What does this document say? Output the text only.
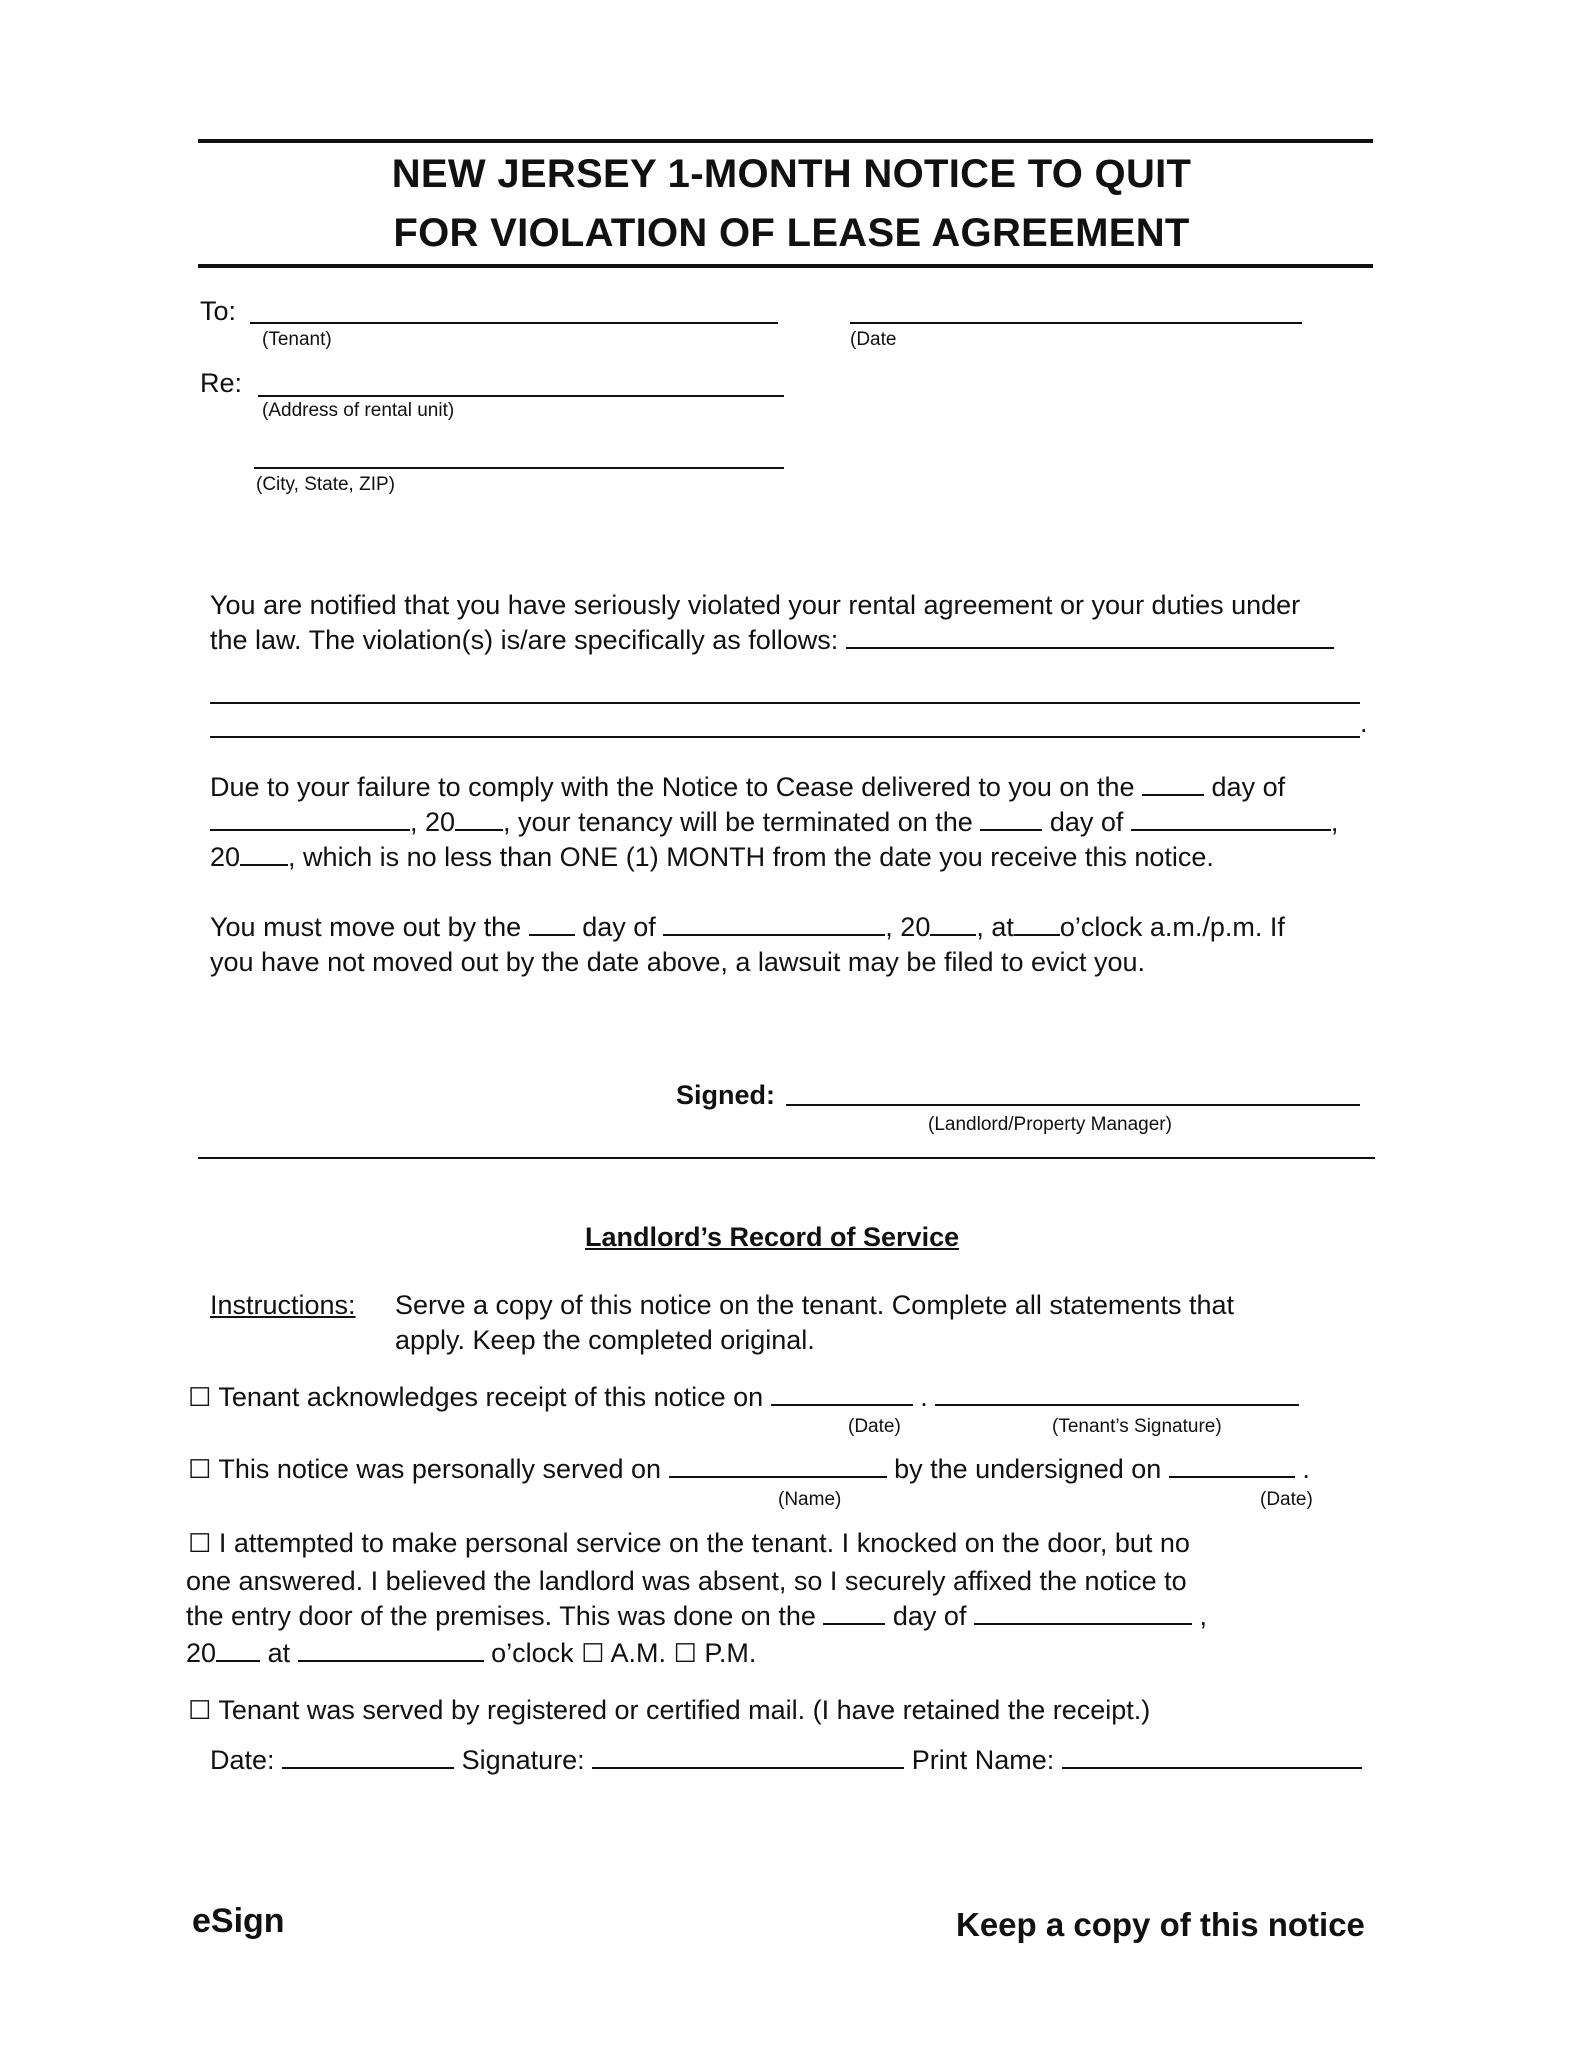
NEW JERSEY 1-MONTH NOTICE TO QUIT
FOR VIOLATION OF LEASE AGREEMENT
To:
(Tenant)	(Date
Re:
(Address of rental unit)
(City, State, ZIP)
You are notified that you have seriously violated your rental agreement or your duties under
the law. The violation(s) is/are specifically as follows:
.
Due to your failure to comply with the Notice to Cease delivered to you on the	day of
, 20 , your tenancy will be terminated on the	day of	,
20 , which is no less than ONE (1) MONTH from the date you receive this notice.
You must move out by the day of	, 20 , at o’clock a.m./p.m. If
you have not moved out by the date above, a lawsuit may be filed to evict you.
Signed:
(Landlord/Property Manager)
Landlord’s Record of Service
Instructions: Serve a copy of this notice on the tenant. Complete all statements that
apply. Keep the completed original.
☐ Tenant acknowledges receipt of this notice on	.
(Date)	(Tenant’s Signature)
☐ This notice was personally served on	by the undersigned on	.
(Name)	(Date)
☐ I attempted to make personal service on the tenant. I knocked on the door, but no
one answered. I believed the landlord was absent, so I securely affixed the notice to
the entry door of the premises. This was done on the	day of	,
20 at	o’clock ☐ A.M. ☐ P.M.
☐ Tenant was served by registered or certified mail. (I have retained the receipt.)
Date:	Signature:	Print Name:
eSign	Keep a copy of this notice
